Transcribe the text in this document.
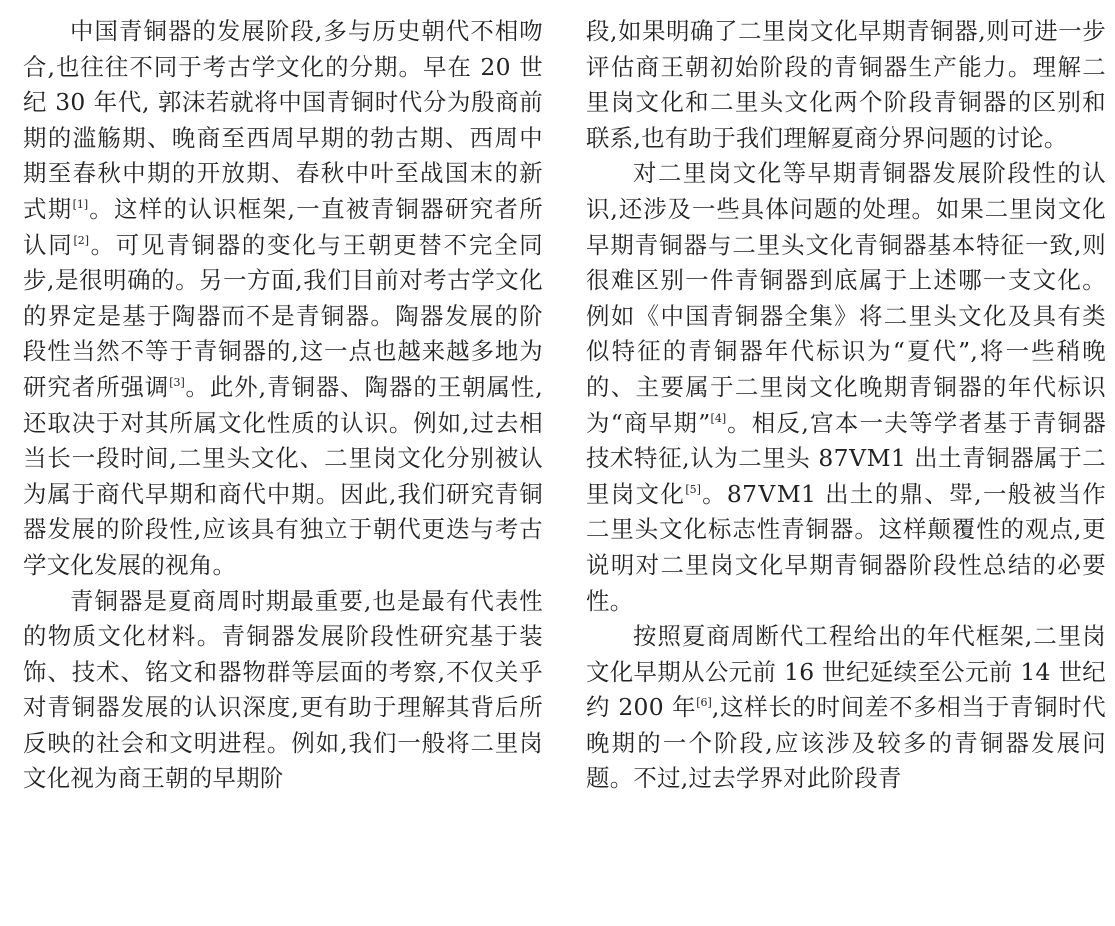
中国青铜器的发展阶段,多与历史朝代不相吻合,也往往不同于考古学文化的分期。早在 20 世纪 30 年代, 郭沫若就将中国青铜时代分为殷商前期的滥觞期、晚商至西周早期的勃古期、西周中期至春秋中期的开放期、春秋中叶至战国末的新式期[1]。这样的认识框架,一直被青铜器研究者所认同[2]。可见青铜器的变化与王朝更替不完全同步,是很明确的。另一方面,我们目前对考古学文化的界定是基于陶器而不是青铜器。陶器发展的阶段性当然不等于青铜器的,这一点也越来越多地为研究者所强调[3]。此外,青铜器、陶器的王朝属性,还取决于对其所属文化性质的认识。例如,过去相当长一段时间,二里头文化、二里岗文化分别被认为属于商代早期和商代中期。因此,我们研究青铜器发展的阶段性,应该具有独立于朝代更迭与考古学文化发展的视角。

青铜器是夏商周时期最重要,也是最有代表性的物质文化材料。青铜器发展阶段性研究基于装饰、技术、铭文和器物群等层面的考察,不仅关乎对青铜器发展的认识深度,更有助于理解其背后所反映的社会和文明进程。例如,我们一般将二里岗文化视为商王朝的早期阶

段,如果明确了二里岗文化早期青铜器,则可进一步评估商王朝初始阶段的青铜器生产能力。理解二里岗文化和二里头文化两个阶段青铜器的区别和联系,也有助于我们理解夏商分界问题的讨论。

对二里岗文化等早期青铜器发展阶段性的认识,还涉及一些具体问题的处理。如果二里岗文化早期青铜器与二里头文化青铜器基本特征一致,则很难区别一件青铜器到底属于上述哪一支文化。例如《中国青铜器全集》将二里头文化及具有类似特征的青铜器年代标识为“夏代”,将一些稍晚的、主要属于二里岗文化晚期青铜器的年代标识为“商早期”[4]。相反,宫本一夫等学者基于青铜器技术特征,认为二里头 87ⅤM1 出土青铜器属于二里岗文化[5]。87ⅤM1 出土的鼎、斝,一般被当作二里头文化标志性青铜器。这样颠覆性的观点,更说明对二里岗文化早期青铜器阶段性总结的必要性。

按照夏商周断代工程给出的年代框架,二里岗文化早期从公元前 16 世纪延续至公元前 14 世纪约 200 年[6],这样长的时间差不多相当于青铜时代晚期的一个阶段,应该涉及较多的青铜器发展问题。不过,过去学界对此阶段青
